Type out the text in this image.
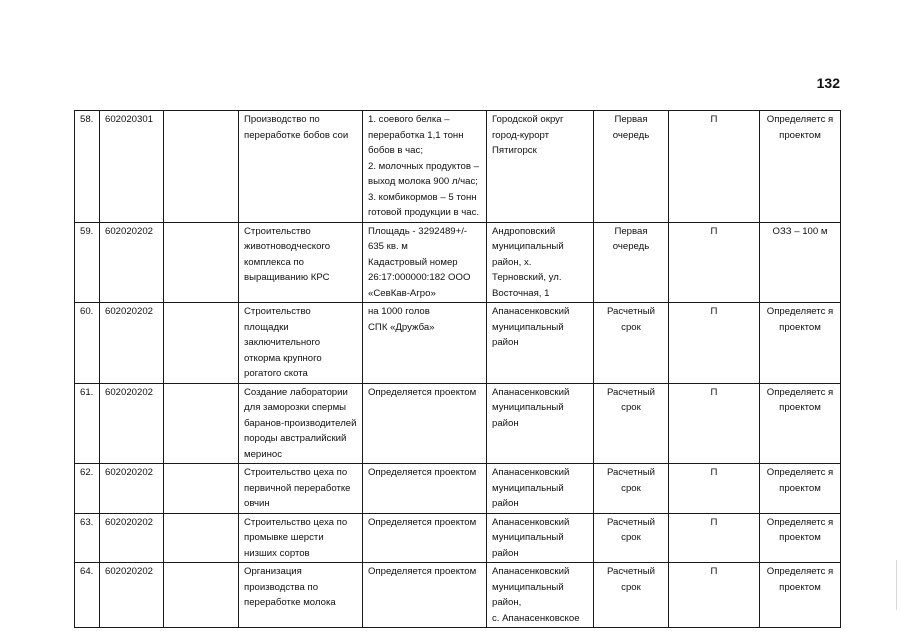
132
58.	602020301		Производство по переработке бобов сои	1. соевого белка – переработка 1,1 тонн бобов в час;
2. молочных продуктов – выход молока 900 л/час;
3. комбикормов – 5 тонн готовой продукции в час.	Городской округ город-курорт Пятигорск	Первая очередь	П	Определяетс я проектом
59.	602020202		Строительство животноводческого комплекса по выращиванию КРС	Площадь - 3292489+/- 635 кв. м
Кадастровый номер 26:17:000000:182 ООО «СевКав-Агро»	Андроповский муниципальный район, х. Терновский, ул. Восточная, 1	Первая очередь	П	ОЗЗ – 100 м
60.	602020202		Строительство площадки заключительного откорма крупного рогатого скота	на 1000 голов
СПК «Дружба»	Апанасенковский муниципальный район	Расчетный срок	П	Определяетс я проектом
61.	602020202		Создание лаборатории для заморозки спермы баранов-производителей породы австралийский меринос	Определяется проектом	Апанасенковский муниципальный район	Расчетный срок	П	Определяетс я проектом
62.	602020202		Строительство цеха по первичной переработке овчин	Определяется проектом	Апанасенковский муниципальный район	Расчетный срок	П	Определяетс я проектом
63.	602020202		Строительство цеха по промывке шерсти низших сортов	Определяется проектом	Апанасенковский муниципальный район	Расчетный срок	П	Определяетс я проектом
64.	602020202		Организация производства по переработке молока	Определяется проектом	Апанасенковский муниципальный район,
с. Апанасенковское	Расчетный срок	П	Определяетс я проектом
